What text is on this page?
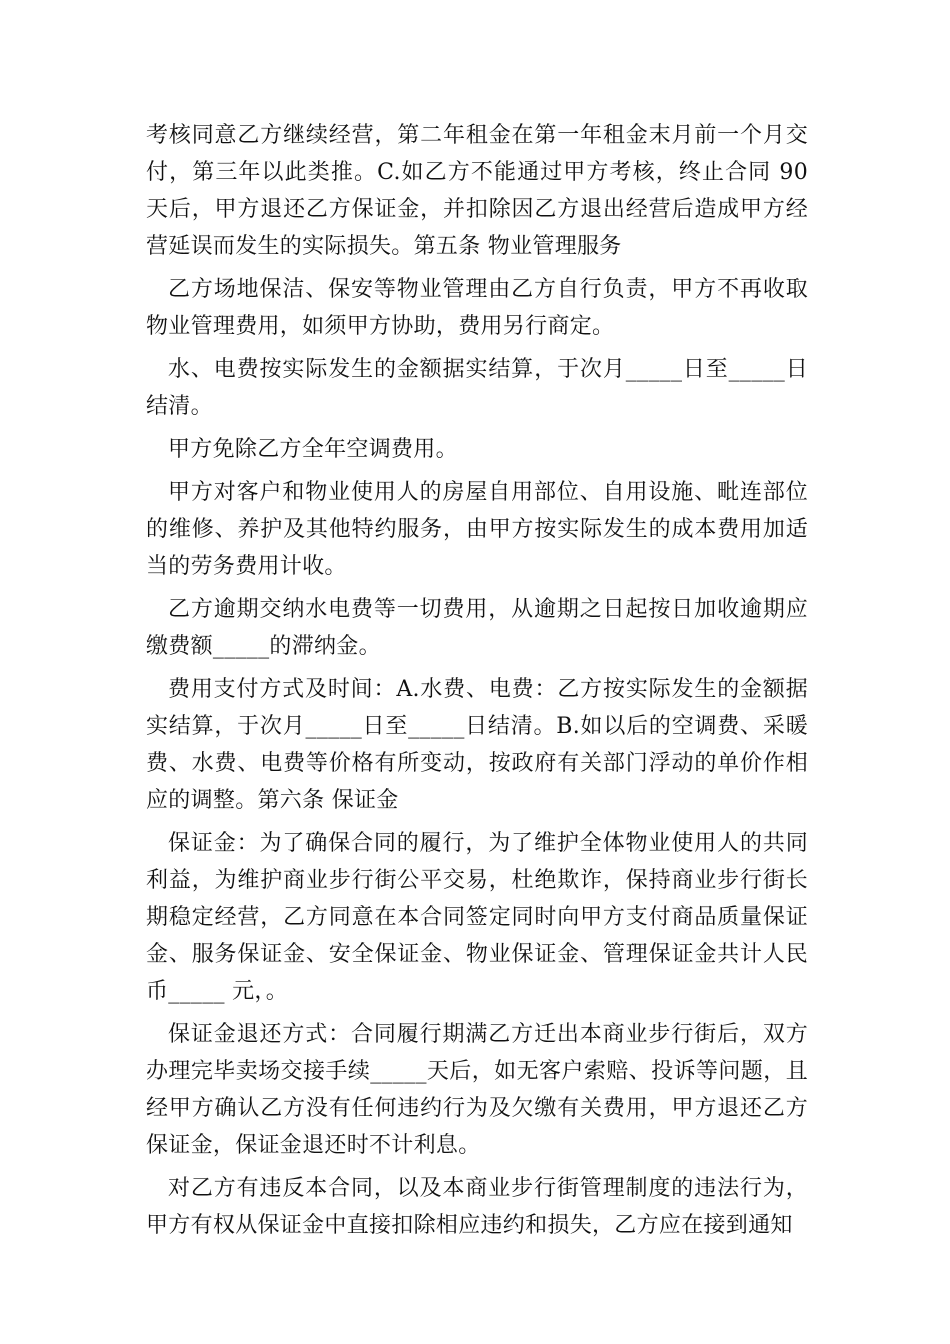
考核同意乙方继续经营，第二年租金在第一年租金末月前一个月交付，第三年以此类推。C.如乙方不能通过甲方考核，终止合同 90 天后，甲方退还乙方保证金，并扣除因乙方退出经营后造成甲方经营延误而发生的实际损失。第五条 物业管理服务

乙方场地保洁、保安等物业管理由乙方自行负责，甲方不再收取物业管理费用，如须甲方协助，费用另行商定。

水、电费按实际发生的金额据实结算，于次月_____日至_____日结清。

甲方免除乙方全年空调费用。

甲方对客户和物业使用人的房屋自用部位、自用设施、毗连部位的维修、养护及其他特约服务，由甲方按实际发生的成本费用加适当的劳务费用计收。

乙方逾期交纳水电费等一切费用，从逾期之日起按日加收逾期应缴费额_____的滞纳金。

费用支付方式及时间：A.水费、电费：乙方按实际发生的金额据实结算，于次月_____日至_____日结清。B.如以后的空调费、采暖费、水费、电费等价格有所变动，按政府有关部门浮动的单价作相应的调整。第六条 保证金

保证金：为了确保合同的履行，为了维护全体物业使用人的共同利益，为维护商业步行街公平交易，杜绝欺诈，保持商业步行街长期稳定经营，乙方同意在本合同签定同时向甲方支付商品质量保证金、服务保证金、安全保证金、物业保证金、管理保证金共计人民币_____ 元，。

保证金退还方式：合同履行期满乙方迁出本商业步行街后，双方办理完毕卖场交接手续_____天后，如无客户索赔、投诉等问题，且经甲方确认乙方没有任何违约行为及欠缴有关费用，甲方退还乙方保证金，保证金退还时不计利息。

对乙方有违反本合同，以及本商业步行街管理制度的违法行为，甲方有权从保证金中直接扣除相应违约和损失，乙方应在接到通知
